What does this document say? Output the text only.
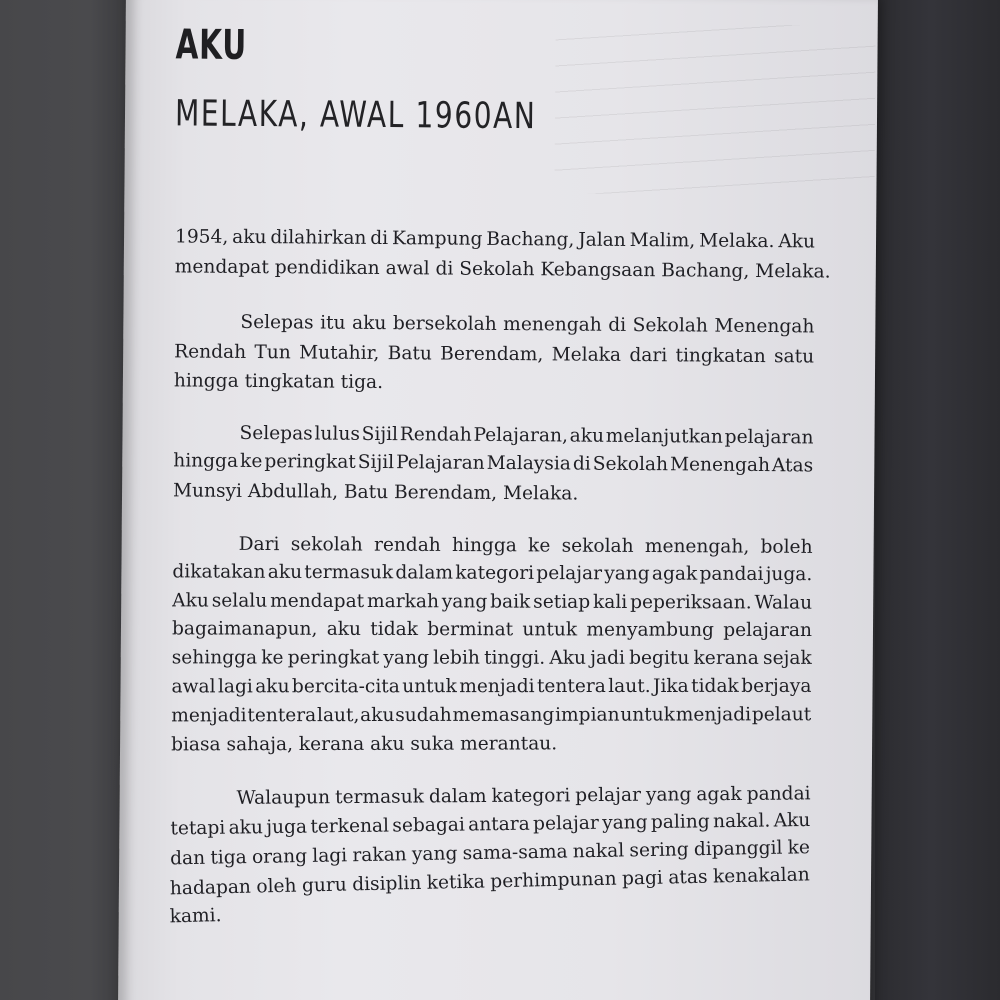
AKU
MELAKA, AWAL 1960AN
1954, aku dilahirkan di Kampung Bachang, Jalan Malim, Melaka. Aku
mendapat pendidikan awal di Sekolah Kebangsaan Bachang, Melaka.
Selepas itu aku bersekolah menengah di Sekolah Menengah
Rendah Tun Mutahir, Batu Berendam, Melaka dari tingkatan satu
hingga tingkatan tiga.
Selepas lulus Sijil Rendah Pelajaran, aku melanjutkan pelajaran
hingga ke peringkat Sijil Pelajaran Malaysia di Sekolah Menengah Atas
Munsyi Abdullah, Batu Berendam, Melaka.
Dari sekolah rendah hingga ke sekolah menengah, boleh
dikatakan aku termasuk dalam kategori pelajar yang agak pandai juga.
Aku selalu mendapat markah yang baik setiap kali peperiksaan. Walau
bagaimanapun, aku tidak berminat untuk menyambung pelajaran
sehingga ke peringkat yang lebih tinggi. Aku jadi begitu kerana sejak
awal lagi aku bercita-cita untuk menjadi tentera laut. Jika tidak berjaya
menjadi tentera laut, aku sudah memasang impian untuk menjadi pelaut
biasa sahaja, kerana aku suka merantau.
Walaupun termasuk dalam kategori pelajar yang agak pandai
tetapi aku juga terkenal sebagai antara pelajar yang paling nakal. Aku
dan tiga orang lagi rakan yang sama-sama nakal sering dipanggil ke
hadapan oleh guru disiplin ketika perhimpunan pagi atas kenakalan
kami.
